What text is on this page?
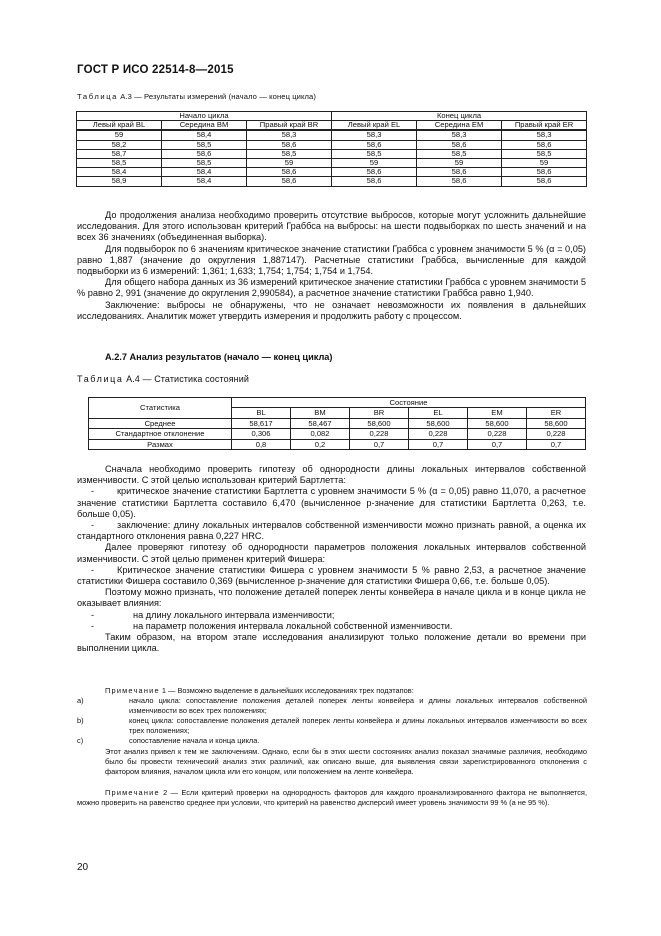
ГОСТ Р ИСО 22514-8—2015
Таблица А.3 — Результаты измерений (начало — конец цикла)
Начало цикла			Конец цикла		
Левый край BL	Середина BM	Правый край BR	Левый край EL	Середина EM	Правый край ER
59	58,4	58,3	58,3	58,3	58,3
58,2	58,5	58,6	58,6	58,6	58,6
58,7	58,6	58,5	58,5	58,5	58,5
58,5	58,5	59	59	59	59
58,4	58,4	58,6	58,6	58,6	58,6
58,9	58,4	58,6	58,6	58,6	58,6

До продолжения анализа необходимо проверить отсутствие выбросов, которые могут усложнить дальнейшие исследования. Для этого использован критерий Граббса на выбросы: на шести подвыборках по шесть значений и на всех 36 значениях (объединенная выборка).

Для подвыборок по 6 значениям критическое значение статистики Граббса с уровнем значимости 5 % (α = 0,05) равно 1,887 (значение до округления 1,887147). Расчетные статистики Граббса, вычисленные для каждой подвыборки из 6 измерений: 1,361; 1,633; 1,754; 1,754; 1,754 и 1,754.

Для общего набора данных из 36 измерений критическое значение статистики Граббса с уровнем значимости 5 % равно 2, 991 (значение до округления 2,990584), а расчетное значение статистики Граббса равно 1,940.

Заключение: выбросы не обнаружены, что не означает невозможности их появления в дальнейших исследованиях. Аналитик может утвердить измерения и продолжить работу с процессом.

А.2.7 Анализ результатов (начало — конец цикла)
Таблица А.4 — Статистика состояний
Статистика	Состояние					
	BL	BM	BR	EL	EM	ER
Среднее	58,617	58,467	58,600	58,600	58,600	58,600
Стандартное отклонение	0,306	0,082	0,228	0,228	0,228	0,228
Размах	0,8	0,2	0,7	0,7	0,7	0,7

Сначала необходимо проверить гипотезу об однородности длины локальных интервалов собственной изменчивости. С этой целью использован критерий Бартлетта:

- критическое значение статистики Бартлетта с уровнем значимости 5 % (α = 0,05) равно 11,070, а расчетное значение статистики Бартлетта составило 6,470 (вычисленное р-значение для статистики Бартлетта 0,263, т.е. больше 0,05).

- заключение: длину локальных интервалов собственной изменчивости можно признать равной, а оценка их стандартного отклонения равна 0,227 HRC.

Далее проверяют гипотезу об однородности параметров положения локальных интервалов собственной изменчивости. С этой целью применен критерий Фишера:

- Критическое значение статистики Фишера с уровнем значимости 5 % равно 2,53, а расчетное значение статистики Фишера составило 0,369 (вычисленное р-значение для статистики Фишера 0,66, т.е. больше 0,05).

Поэтому можно признать, что положение деталей поперек ленты конвейера в начале цикла и в конце цикла не оказывает влияния:

-	на длину локального интервала изменчивости;

-	на параметр положения интервала локальной собственной изменчивости.

Таким образом, на втором этапе исследования анализируют только положение детали во времени при выполнении цикла.

Примечание 1 — Возможно выделение в дальнейших исследованиях трех подэтапов:

а)	начало цикла: сопоставление положения деталей поперек ленты конвейера и длины локальных интервалов собственной изменчивости во всех трех положениях;

b)	конец цикла: сопоставление положения деталей поперек ленты конвейера и длины локальных интервалов изменчивости во всех трех положениях;

с)	сопоставление начала и конца цикла.

Этот анализ привел к тем же заключениям. Однако, если бы в этих шести состояниях анализ показал значимые различия, необходимо было бы провести технический анализ этих различий, как описано выше, для выявления связи зарегистрированного отклонения с фактором влияния, началом цикла или его концом, или положением на ленте конвейера.

Примечание 2 — Если критерий проверки на однородность факторов для каждого проанализированного фактора не выполняется, можно проверить на равенство среднее при условии, что критерий на равенство дисперсий имеет уровень значимости 99 % (а не 95 %).

20
